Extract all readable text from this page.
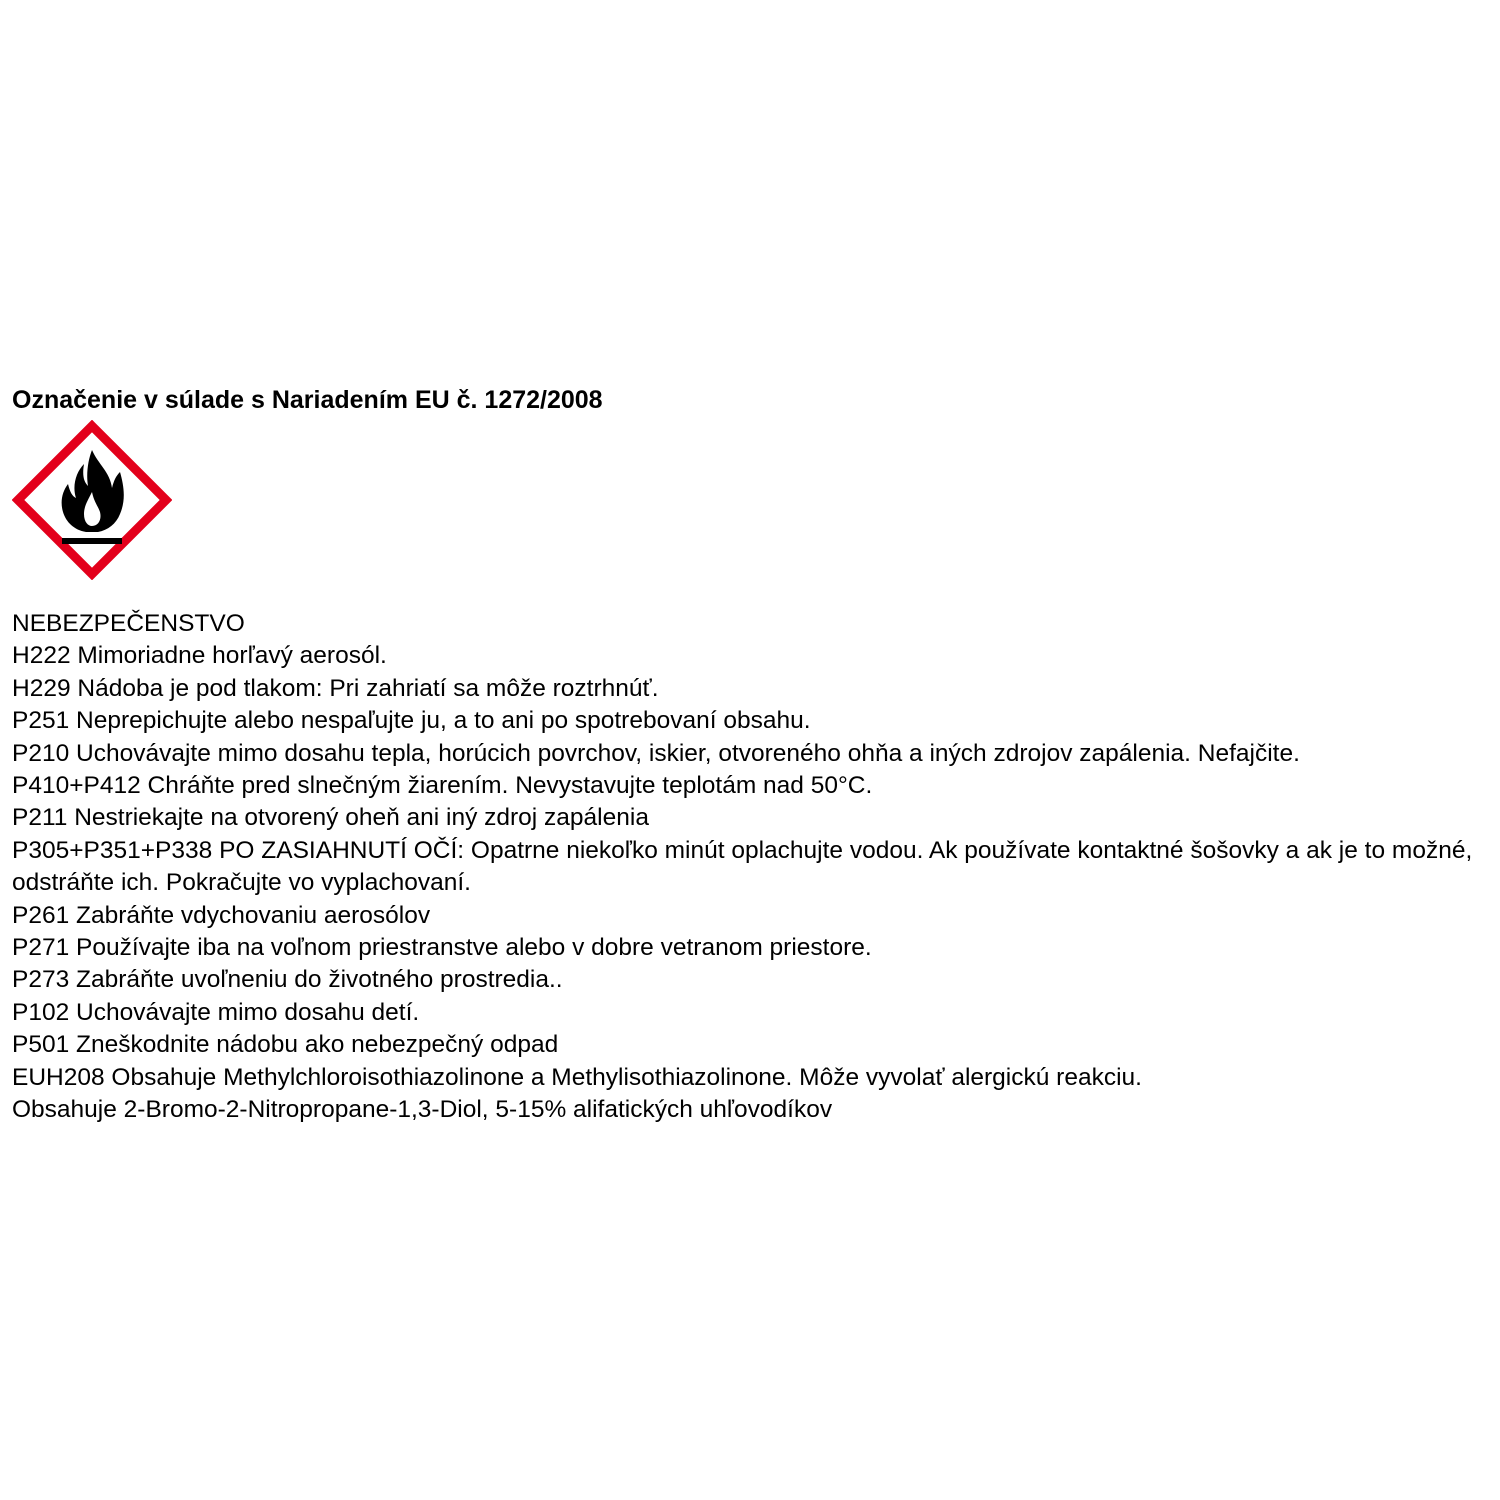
Označenie v súlade s Nariadením EU č. 1272/2008

NEBEZPEČENSTVO
H222 Mimoriadne horľavý aerosól.
H229 Nádoba je pod tlakom: Pri zahriatí sa môže roztrhnúť.
P251 Neprepichujte alebo nespaľujte ju, a to ani po spotrebovaní obsahu.
P210 Uchovávajte mimo dosahu tepla, horúcich povrchov, iskier, otvoreného ohňa a iných zdrojov zapálenia. Nefajčite.
P410+P412 Chráňte pred slnečným žiarením. Nevystavujte teplotám nad 50°C.
P211 Nestriekajte na otvorený oheň ani iný zdroj zapálenia
P305+P351+P338 PO ZASIAHNUTÍ OČÍ: Opatrne niekoľko minút oplachujte vodou. Ak používate kontaktné šošovky a ak je to možné, odstráňte ich. Pokračujte vo vyplachovaní.
P261 Zabráňte vdychovaniu aerosólov
P271 Používajte iba na voľnom priestranstve alebo v dobre vetranom priestore.
P273 Zabráňte uvoľneniu do životného prostredia..
P102 Uchovávajte mimo dosahu detí.
P501 Zneškodnite nádobu ako nebezpečný odpad
EUH208 Obsahuje Methylchloroisothiazolinone a Methylisothiazolinone. Môže vyvolať alergickú reakciu.
Obsahuje 2-Bromo-2-Nitropropane-1,3-Diol, 5-15% alifatických uhľovodíkov
